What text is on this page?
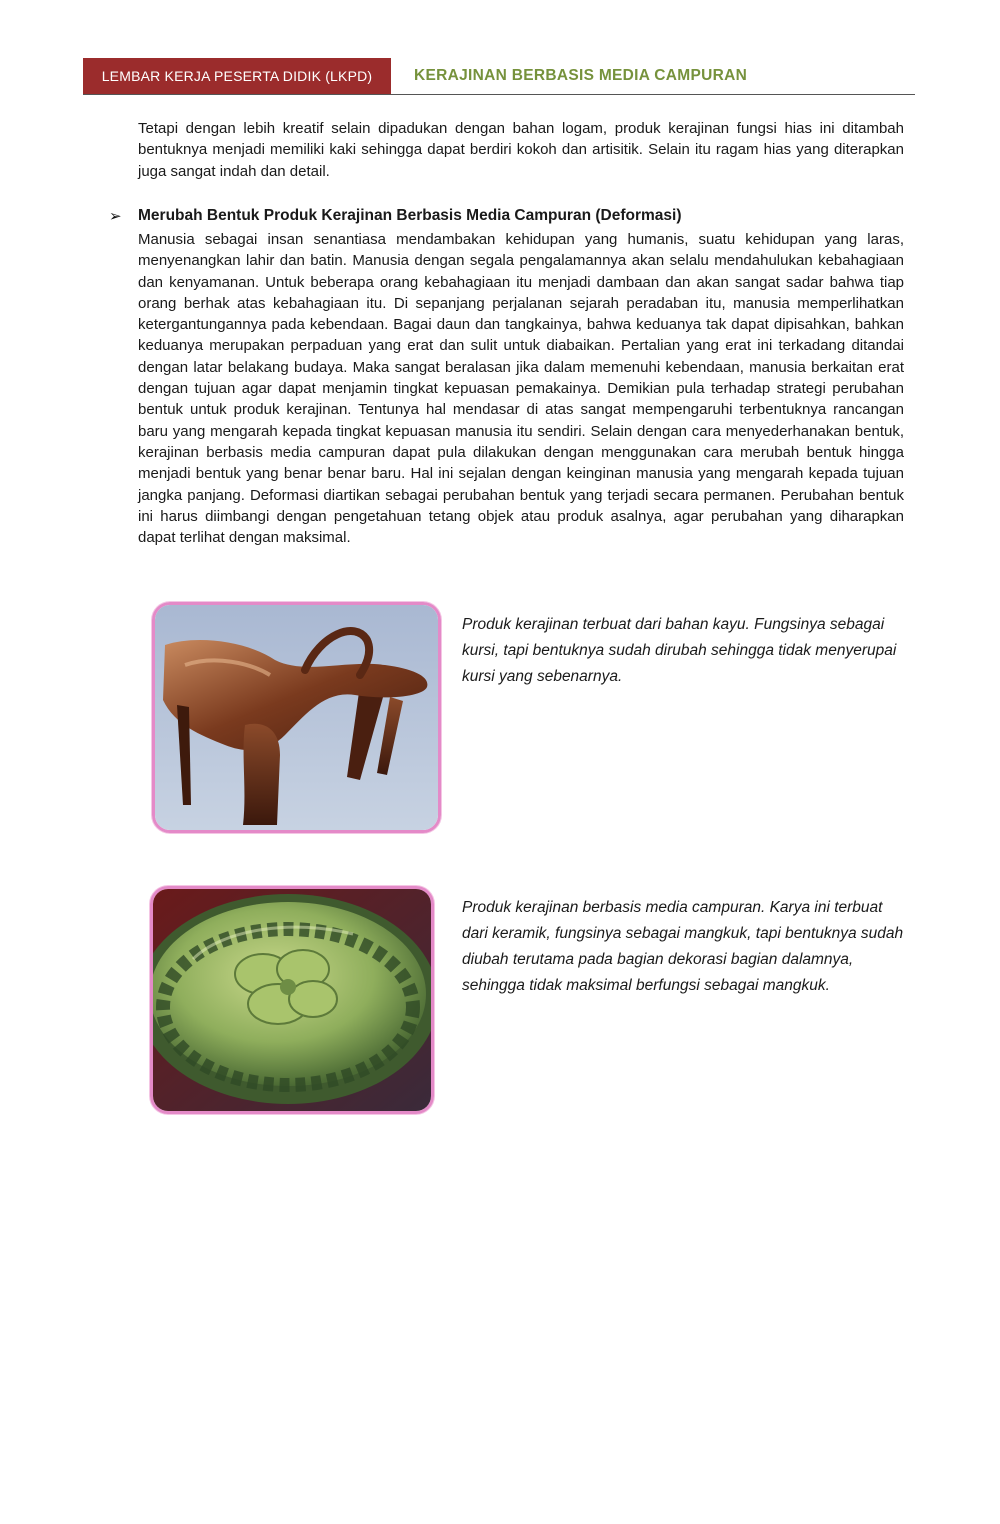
LEMBAR KERJA PESERTA DIDIK (LKPD)	KERAJINAN BERBASIS MEDIA CAMPURAN

Tetapi dengan lebih kreatif selain dipadukan dengan bahan logam, produk kerajinan fungsi hias ini ditambah bentuknya menjadi memiliki kaki sehingga dapat berdiri kokoh dan artisitik. Selain itu ragam hias yang diterapkan juga sangat indah dan detail.

➢	Merubah Bentuk Produk Kerajinan Berbasis Media Campuran (Deformasi)

Manusia sebagai insan senantiasa mendambakan kehidupan yang humanis, suatu kehidupan yang laras, menyenangkan lahir dan batin. Manusia dengan segala pengalamannya akan selalu mendahulukan kebahagiaan dan kenyamanan. Untuk beberapa orang kebahagiaan itu menjadi dambaan dan akan sangat sadar bahwa tiap orang berhak atas kebahagiaan itu. Di sepanjang perjalanan sejarah peradaban itu, manusia memperlihatkan ketergantungannya pada kebendaan. Bagai daun dan tangkainya, bahwa keduanya tak dapat dipisahkan, bahkan keduanya merupakan perpaduan yang erat dan sulit untuk diabaikan. Pertalian yang erat ini terkadang ditandai dengan latar belakang budaya. Maka sangat beralasan jika dalam memenuhi kebendaan, manusia berkaitan erat dengan tujuan agar dapat menjamin tingkat kepuasan pemakainya. Demikian pula terhadap strategi perubahan bentuk untuk produk kerajinan. Tentunya hal mendasar di atas sangat mempengaruhi terbentuknya rancangan baru yang mengarah kepada tingkat kepuasan manusia itu sendiri. Selain dengan cara menyederhanakan bentuk, kerajinan berbasis media campuran dapat pula dilakukan dengan menggunakan cara merubah bentuk hingga menjadi bentuk yang benar benar baru. Hal ini sejalan dengan keinginan manusia yang mengarah kepada tujuan jangka panjang. Deformasi diartikan sebagai perubahan bentuk yang terjadi secara permanen. Perubahan bentuk ini harus diimbangi dengan pengetahuan tetang objek atau produk asalnya, agar perubahan yang diharapkan dapat terlihat dengan maksimal.

Produk kerajinan terbuat dari bahan kayu. Fungsinya sebagai kursi, tapi bentuknya sudah dirubah sehingga tidak menyerupai kursi yang sebenarnya.

Produk kerajinan berbasis media campuran. Karya ini terbuat dari keramik, fungsinya sebagai mangkuk, tapi bentuknya sudah diubah terutama pada bagian dekorasi bagian dalamnya, sehingga tidak maksimal berfungsi sebagai mangkuk.
